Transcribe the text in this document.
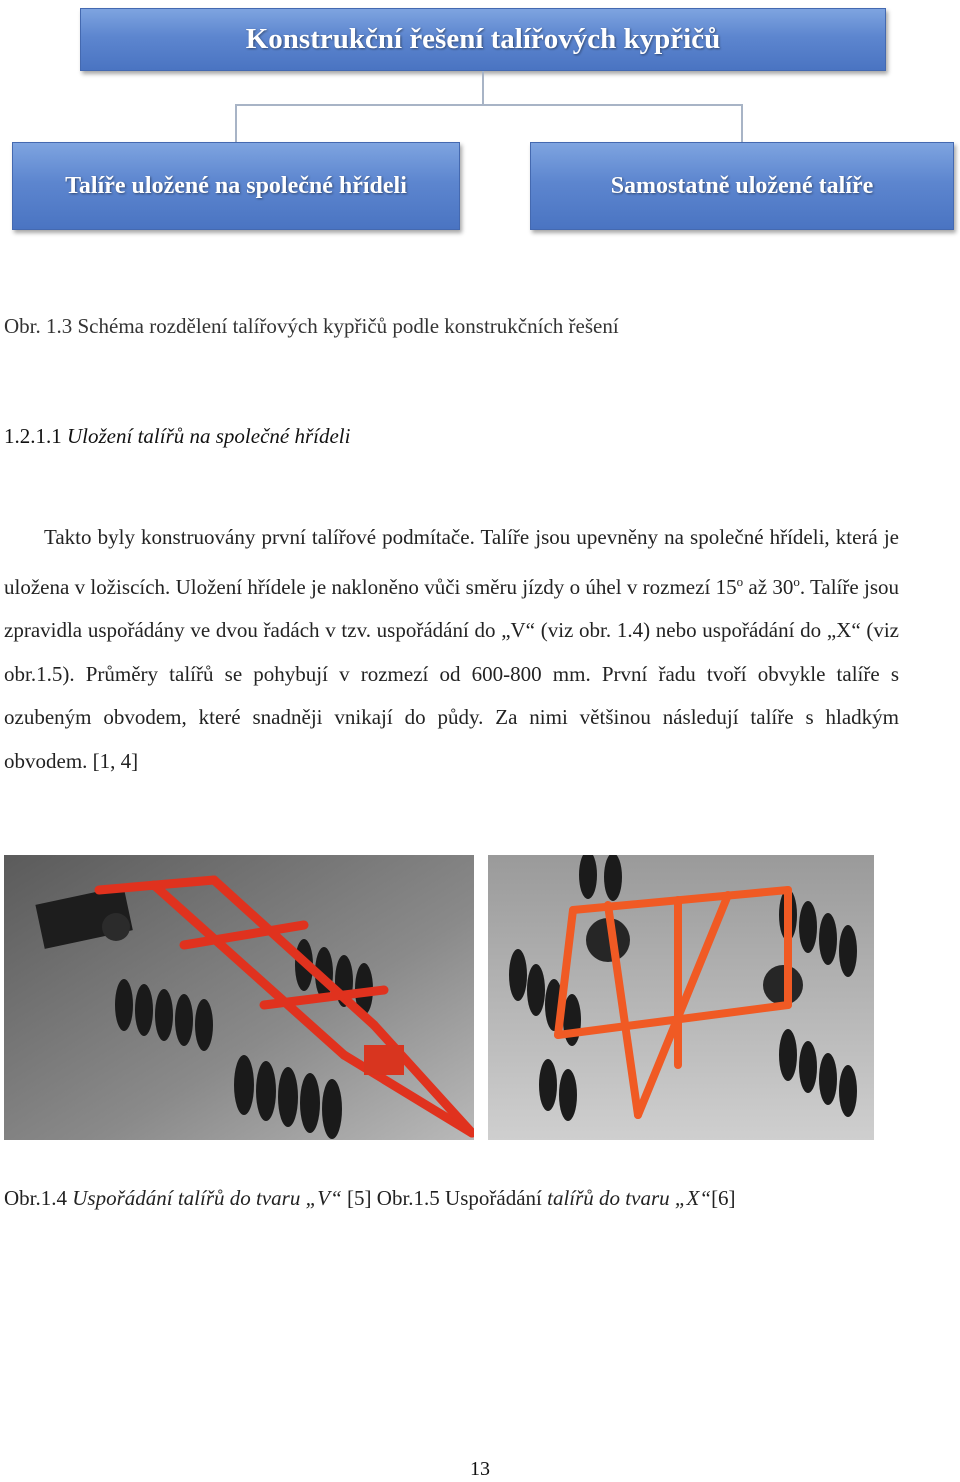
Konstrukční řešení talířových kypřičů
Talíře uložené na společné hřídeli	Samostatně uložené talíře
Obr. 1.3 Schéma rozdělení talířových kypřičů podle konstrukčních řešení
1.2.1.1 Uložení talířů na společné hřídeli

Takto byly konstruovány první talířové podmítače. Talíře jsou upevněny na společné hřídeli, která je uložena v ložiscích. Uložení hřídele je nakloněno vůči směru jízdy o úhel v rozmezí 15$^o$ až 30$^o$. Talíře jsou zpravidla uspořádány ve dvou řadách v tzv. uspořádání do „V“ (viz obr. 1.4) nebo uspořádání do „X“ (viz obr.1.5). Průměry talířů se pohybují v rozmezí od 600-800 mm. První řadu tvoří obvykle talíře s ozubeným obvodem, které snadněji vnikají do půdy. Za nimi většinou následují talíře s hladkým obvodem. [1, 4]

Obr.1.4 Uspořádání talířů do tvaru „V“ [5] Obr.1.5 Uspořádání talířů do tvaru „X“[6]
13
